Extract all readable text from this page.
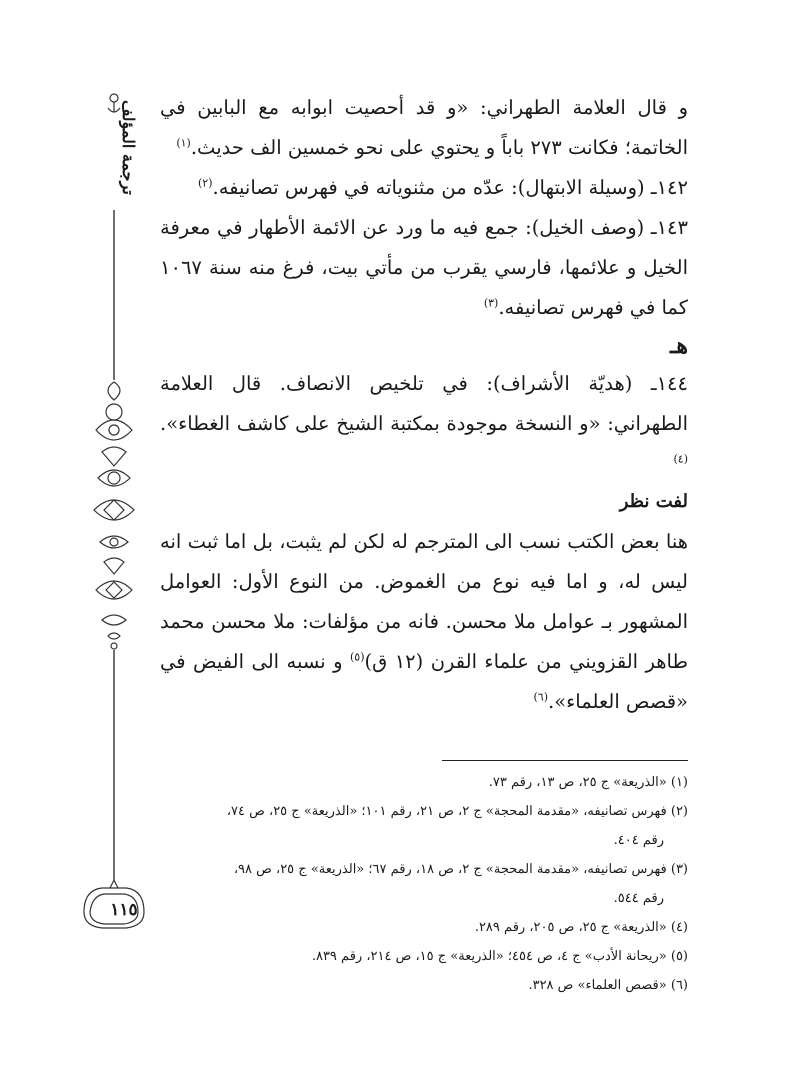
ترجمة المؤلف و قال العلامة الطهراني: «و قد أحصيت ابوابه مع البابين في الخاتمة؛ فكانت ٢٧٣ باباً و يحتوي على نحو خمسين الف حديث.$^{(١)}$

١٤٢ـ (وسيلة الابتهال): عدّه من مثنوياته في فهرس تصانيفه.$^{(٢)}$

١٤٣ـ (وصف الخيل): جمع فيه ما ورد عن الائمة الأطهار في معرفة الخيل و علائمها، فارسي يقرب من مأتي بيت، فرغ منه سنة ١٠٦٧ كما في فهرس تصانيفه.$^{(٣)}$

هـ

١٤٤ـ (هديّة الأشراف): في تلخيص الانصاف. قال العلامة الطهراني: «و النسخة موجودة بمكتبة الشيخ على كاشف الغطاء».$^{(٤)}$

لفت نظر

هنا بعض الكتب نسب الى المترجم له لكن لم يثبت، بل اما ثبت انه ليس له، و اما فيه نوع من الغموض. من النوع الأول: العوامل المشهور بـ عوامل ملا محسن. فانه من مؤلفات: ملا محسن محمد طاهر القزويني من علماء القرن (١٢ ق)$^{(٥)}$ و نسبه الى الفيض في «قصص العلماء».$^{(٦)}$

(١) «الذريعة» ج ٢٥، ص ١٣، رقم ٧٣.

(٢) فهرس تصانيفه، «مقدمة المحجة» ج ٢، ص ٢١، رقم ١٠١؛ «الذريعة» ج ٢٥، ص ٧٤،
رقم ٤٠٤.

(٣) فهرس تصانيفه، «مقدمة المحجة» ج ٢، ص ١٨، رقم ٦٧؛ «الذريعة» ج ٢٥، ص ٩٨،
رقم ٥٤٤.

(٤) «الذريعة» ج ٢٥، ص ٢٠٥، رقم ٢٨٩.

(٥) «ريحانة الأدب» ج ٤، ص ٤٥٤؛ «الذريعة» ج ١٥، ص ٢١٤، رقم ٨٣٩.

(٦) «قصص العلماء» ص ٣٢٨.

١١٥
